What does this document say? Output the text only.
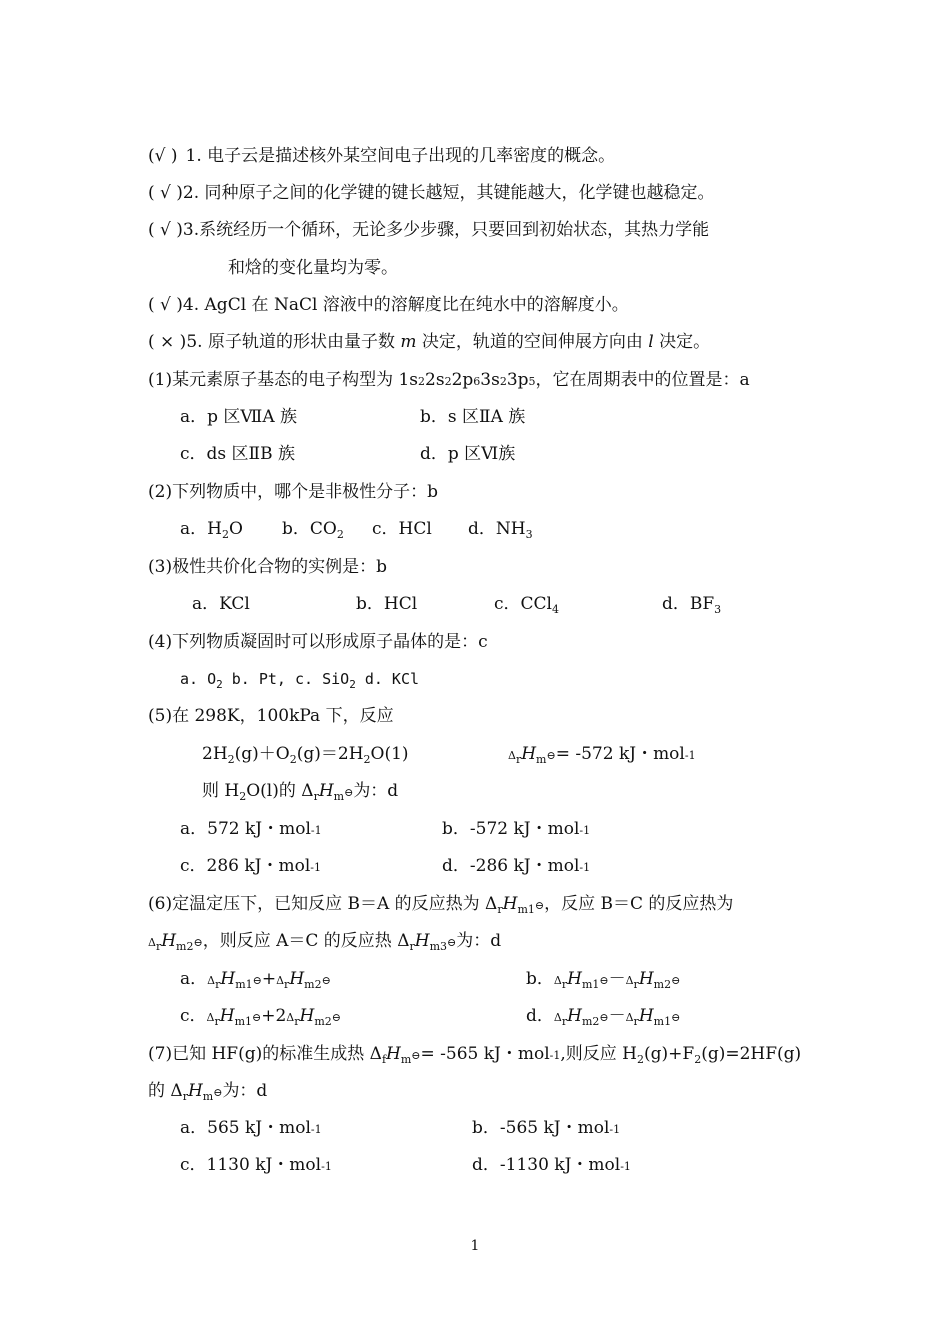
(√ ) 1. 电子云是描述核外某空间电子出现的几率密度的概念。
( √ )2. 同种原子之间的化学键的键长越短，其键能越大，化学键也越稳定。
( √ )3.系统经历一个循环，无论多少步骤，只要回到初始状态，其热力学能
和焓的变化量均为零。
( √ )4. AgCl 在 NaCl 溶液中的溶解度比在纯水中的溶解度小。
( × )5. 原子轨道的形状由量子数 m 决定，轨道的空间伸展方向由 l 决定。
(1)某元素原子基态的电子构型为 1s22s22p63s23p5，它在周期表中的位置是：a
a．p 区ⅦA 族	b．s 区ⅡA 族
c．ds 区ⅡB 族	d．p 区Ⅵ族
(2)下列物质中，哪个是非极性分子：b
a．$H_2O$ b．$CO_2$ c．HCl d．$NH_3$
(3)极性共价化合物的实例是：b
a．KCl	b．HCl	c．CCl$_4$	d．$BF_3$
(4)下列物质凝固时可以形成原子晶体的是：c
a. $O_2$ b. Pt, c. SiO$_2$ d. KCl
(5)在 298K，100kPa 下，反应
$2H_2(g)+O_2(g)=2H_2O(1)$	$\Delta_rH_m⊖= -572$ kJ・mol-1
则 $H_2O(l)$的 $\Delta_rH_m⊖$为：d
a．572 kJ・mol-1	b．-572 kJ・mol-1
c．286 kJ・mol-1	d．-286 kJ・mol-1
(6)定温定压下，已知反应 B＝A 的反应热为 $\Delta_rH_{m1}⊖$，反应 B＝C 的反应热为
$\Delta_rH_{m2}⊖$，则反应 A＝C 的反应热 $\Delta_rH_{m3}⊖$为：d
a．$\Delta_rH_{m1}⊖+\Delta_rH_{m2}⊖$	b．$\Delta_rH_{m1}⊖-\Delta_rH_{m2}⊖$
c．$\Delta_rH_{m1}⊖+2\Delta_rH_{m2}⊖$	d．$\Delta_rH_{m2}⊖-\Delta_rH_{m1}⊖$
(7)已知 HF(g)的标准生成热 $\Delta_fH_m⊖= -565$ kJ・mol-1,则反应 $H_2(g)+F_2(g)=2HF(g)$
的 $\Delta_rH_m⊖$为：d
a．565 kJ・mol-1	b．-565 kJ・mol-1
c．1130 kJ・mol-1	d．-1130 kJ・mol-1
1
